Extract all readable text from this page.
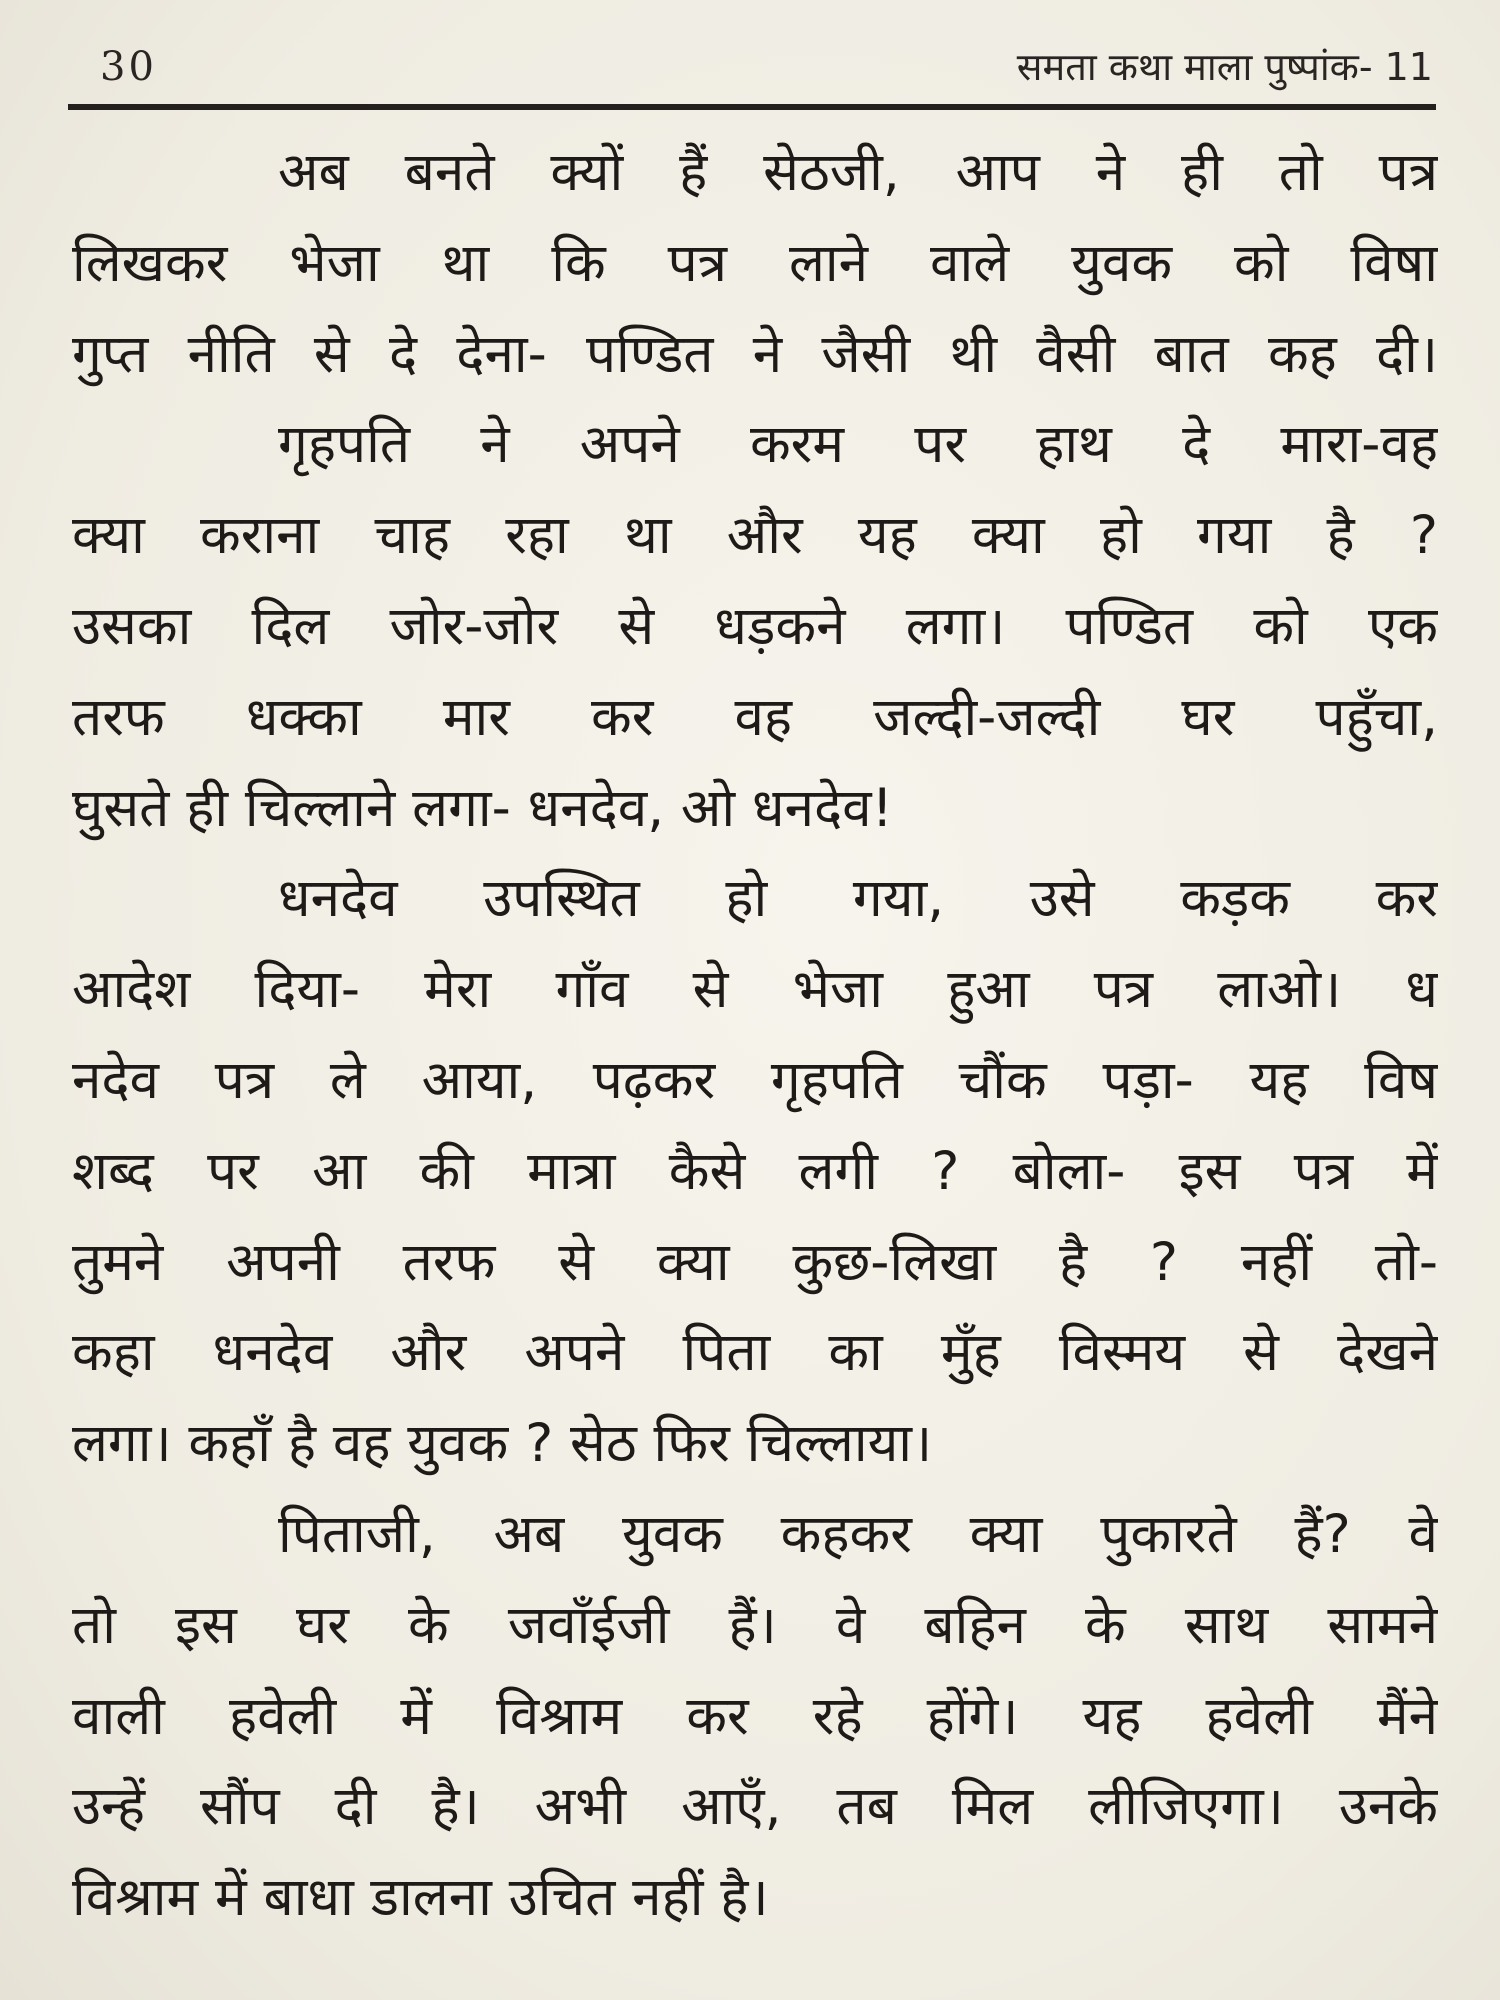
30	समता कथा माला पुष्पांक- 11
अब बनते क्यों हैं सेठजी, आप ने ही तो पत्र
लिखकर भेजा था कि पत्र लाने वाले युवक को विषा
गुप्त नीति से दे देना- पण्डित ने जैसी थी वैसी बात कह दी।
गृहपति ने अपने करम पर हाथ दे मारा-वह
क्या कराना चाह रहा था और यह क्या हो गया है ?
उसका दिल जोर-जोर से धड़कने लगा। पण्डित को एक
तरफ धक्का मार कर वह जल्दी-जल्दी घर पहुँचा,
घुसते ही चिल्लाने लगा- धनदेव, ओ धनदेव!
धनदेव उपस्थित हो गया, उसे कड़क कर
आदेश दिया- मेरा गाँव से भेजा हुआ पत्र लाओ। ध
नदेव पत्र ले आया, पढ़कर गृहपति चौंक पड़ा- यह विष
शब्द पर आ की मात्रा कैसे लगी ? बोला- इस पत्र में
तुमने अपनी तरफ से क्या कुछ-लिखा है ? नहीं तो-
कहा धनदेव और अपने पिता का मुँह विस्मय से देखने
लगा। कहाँ है वह युवक ? सेठ फिर चिल्लाया।
पिताजी, अब युवक कहकर क्या पुकारते हैं? वे
तो इस घर के जवाँईजी हैं। वे बहिन के साथ सामने
वाली हवेली में विश्राम कर रहे होंगे। यह हवेली मैंने
उन्हें सौंप दी है। अभी आएँ, तब मिल लीजिएगा। उनके
विश्राम में बाधा डालना उचित नहीं है।
